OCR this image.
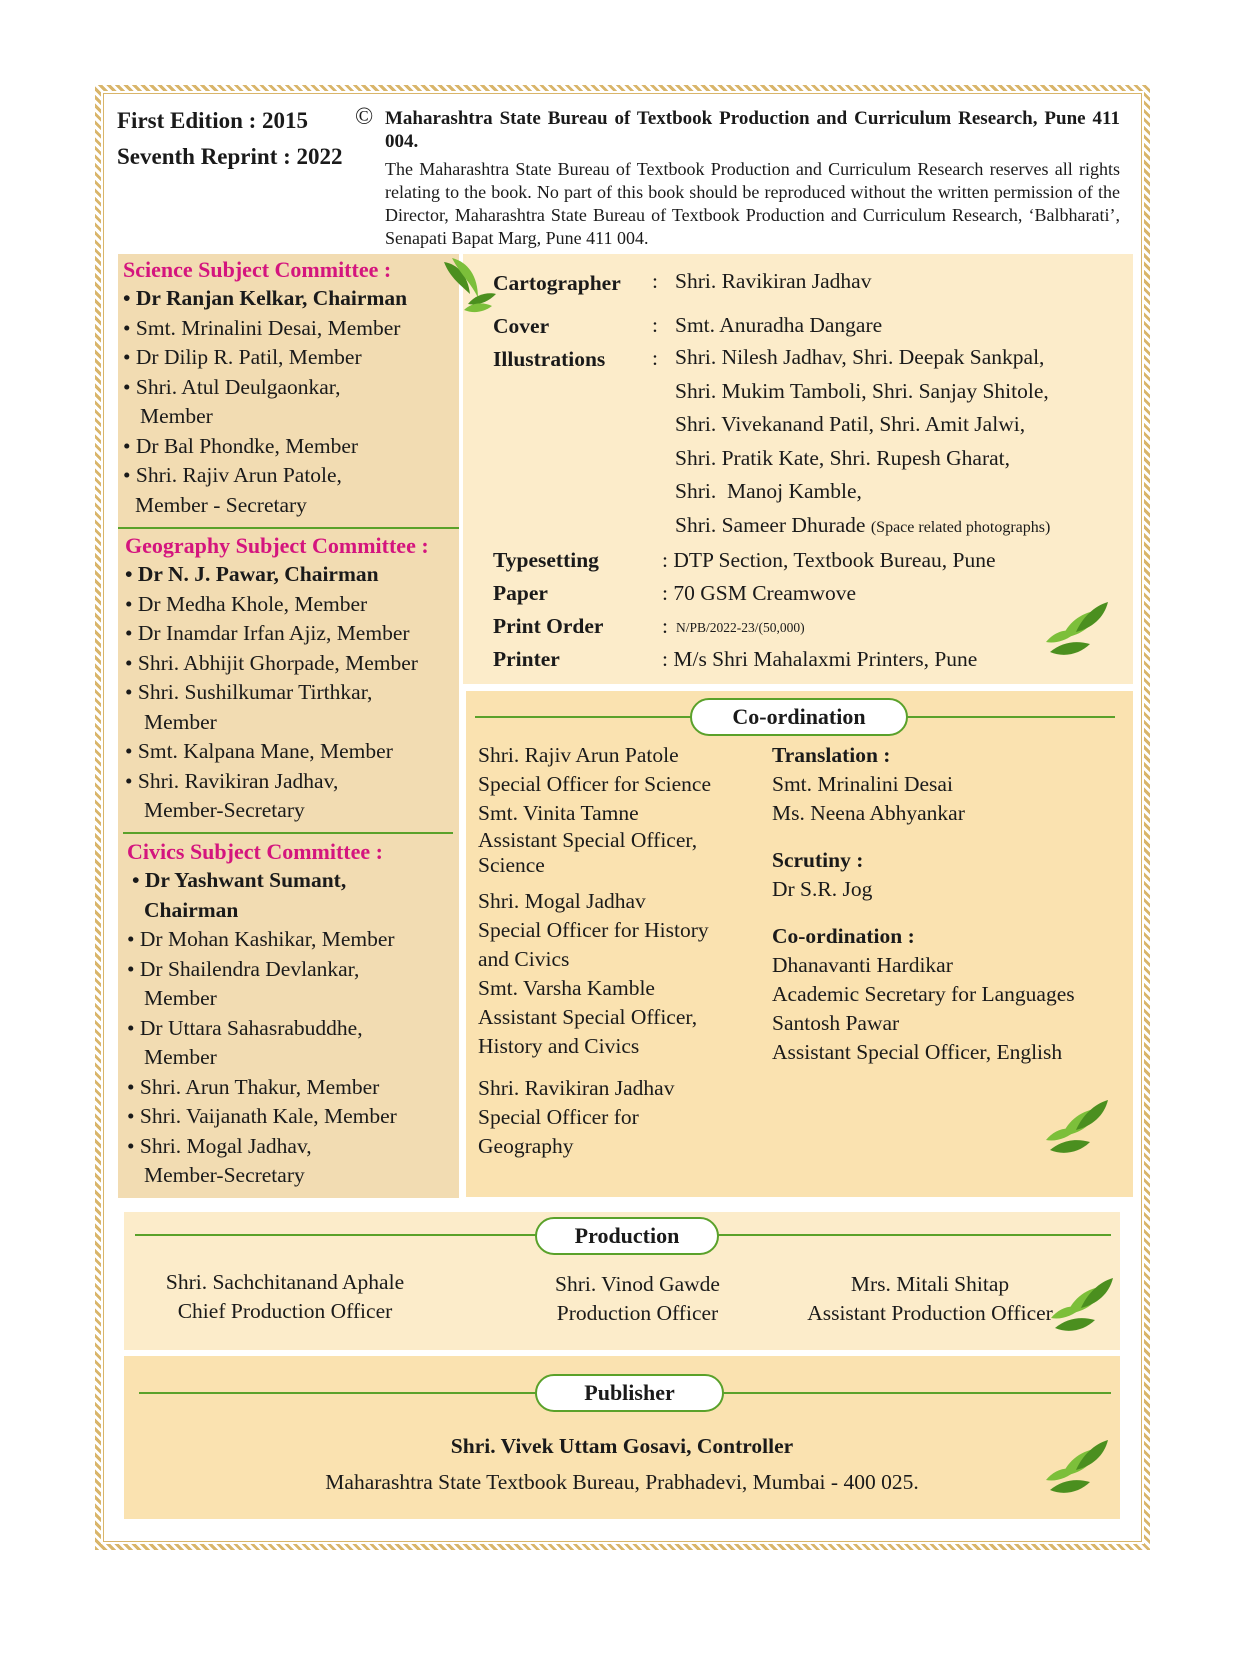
First Edition : 2015
Seventh Reprint : 2022
© Maharashtra State Bureau of Textbook Production and Curriculum Research, Pune 411 004.
The Maharashtra State Bureau of Textbook Production and Curriculum Research reserves all rights relating to the book. No part of this book should be reproduced without the written permission of the Director, Maharashtra State Bureau of Textbook Production and Curriculum Research, ‘Balbharati’, Senapati Bapat Marg, Pune 411 004.
Science Subject Committee :
• Dr Ranjan Kelkar, Chairman
• Smt. Mrinalini Desai, Member
• Dr Dilip R. Patil, Member
• Shri. Atul Deulgaonkar,
Member
• Dr Bal Phondke, Member
• Shri. Rajiv Arun Patole,
Member - Secretary
Geography Subject Committee :
• Dr N. J. Pawar, Chairman
• Dr Medha Khole, Member
• Dr Inamdar Irfan Ajiz, Member
• Shri. Abhijit Ghorpade, Member
• Shri. Sushilkumar Tirthkar,
Member
• Smt. Kalpana Mane, Member
• Shri. Ravikiran Jadhav,
Member-Secretary
Civics Subject Committee :
• Dr Yashwant Sumant,
Chairman
• Dr Mohan Kashikar, Member
• Dr Shailendra Devlankar,
Member
• Dr Uttara Sahasrabuddhe,
Member
• Shri. Arun Thakur, Member
• Shri. Vaijanath Kale, Member
• Shri. Mogal Jadhav,
Member-Secretary
Cartographer : Shri. Ravikiran Jadhav
Cover	: Smt. Anuradha Dangare
Illustrations : Shri. Nilesh Jadhav, Shri. Deepak Sankpal,
Shri. Mukim Tamboli, Shri. Sanjay Shitole,
Shri. Vivekanand Patil, Shri. Amit Jalwi,
Shri. Pratik Kate, Shri. Rupesh Gharat,
Shri.  Manoj Kamble,
Shri. Sameer Dhurade (Space related photographs)
Typesetting	: DTP Section, Textbook Bureau, Pune
Paper	: 70 GSM Creamwove
Print Order	: N/PB/2022-23/(50,000)
Printer	: M/s Shri Mahalaxmi Printers, Pune
Co-ordination
Shri. Rajiv Arun Patole
Special Officer for Science
Smt. Vinita Tamne
Assistant Special Officer,
Science
Shri. Mogal Jadhav
Special Officer for History
and Civics
Smt. Varsha Kamble
Assistant Special Officer,
History and Civics
Shri. Ravikiran Jadhav
Special Officer for
Geography
Translation :
Smt. Mrinalini Desai
Ms. Neena Abhyankar
Scrutiny :
Dr S.R. Jog
Co-ordination :
Dhanavanti Hardikar
Academic Secretary for Languages
Santosh Pawar
Assistant Special Officer, English
Production
Shri. Sachchitanand Aphale
Chief Production Officer
Shri. Vinod Gawde
Production Officer
Mrs. Mitali Shitap
Assistant Production Officer
Publisher
Shri. Vivek Uttam Gosavi, Controller
Maharashtra State Textbook Bureau, Prabhadevi, Mumbai - 400 025.
